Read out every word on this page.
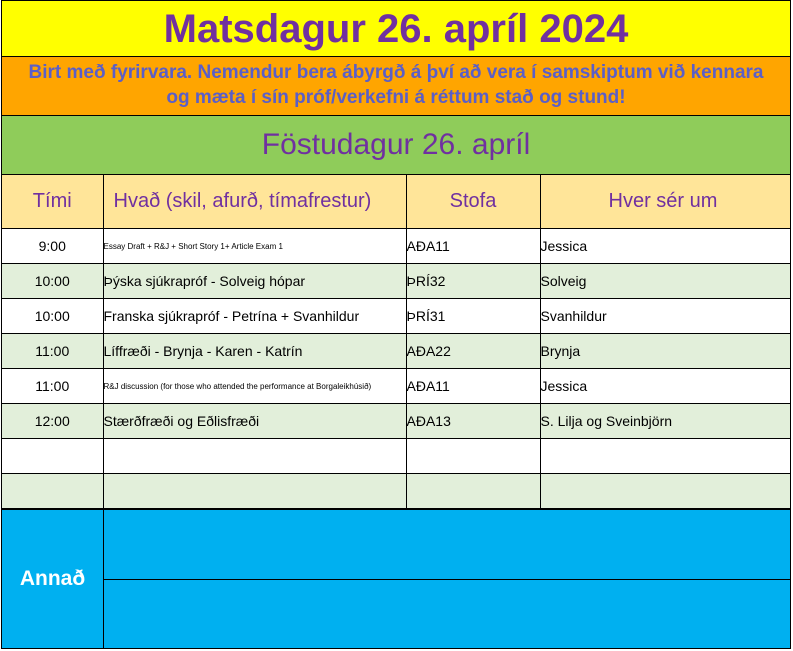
Matsdagur 26. apríl 2024
Birt með fyrirvara. Nemendur bera ábyrgð á því að vera í samskiptum við kennara
og mæta í sín próf/verkefni á réttum stað og stund!
Föstudagur 26. apríl
Tími	Hvað (skil, afurð, tímafrestur)	Stofa	Hver sér um
9:00	Essay Draft + R&J + Short Story 1+ Article Exam 1	AÐA11	Jessica
10:00	Þýska sjúkrapróf - Solveig hópar	ÞRÍ32	Solveig
10:00	Franska sjúkrapróf - Petrína + Svanhildur	ÞRÍ31	Svanhildur
11:00	Líffræði - Brynja - Karen - Katrín	AÐA22	Brynja
11:00	R&J discussion (for those who attended the performance at Borgaleikhúsið)	AÐA11	Jessica
12:00	Stærðfræði og Eðlisfræði	AÐA13	S. Lilja og Sveinbjörn

Annað
